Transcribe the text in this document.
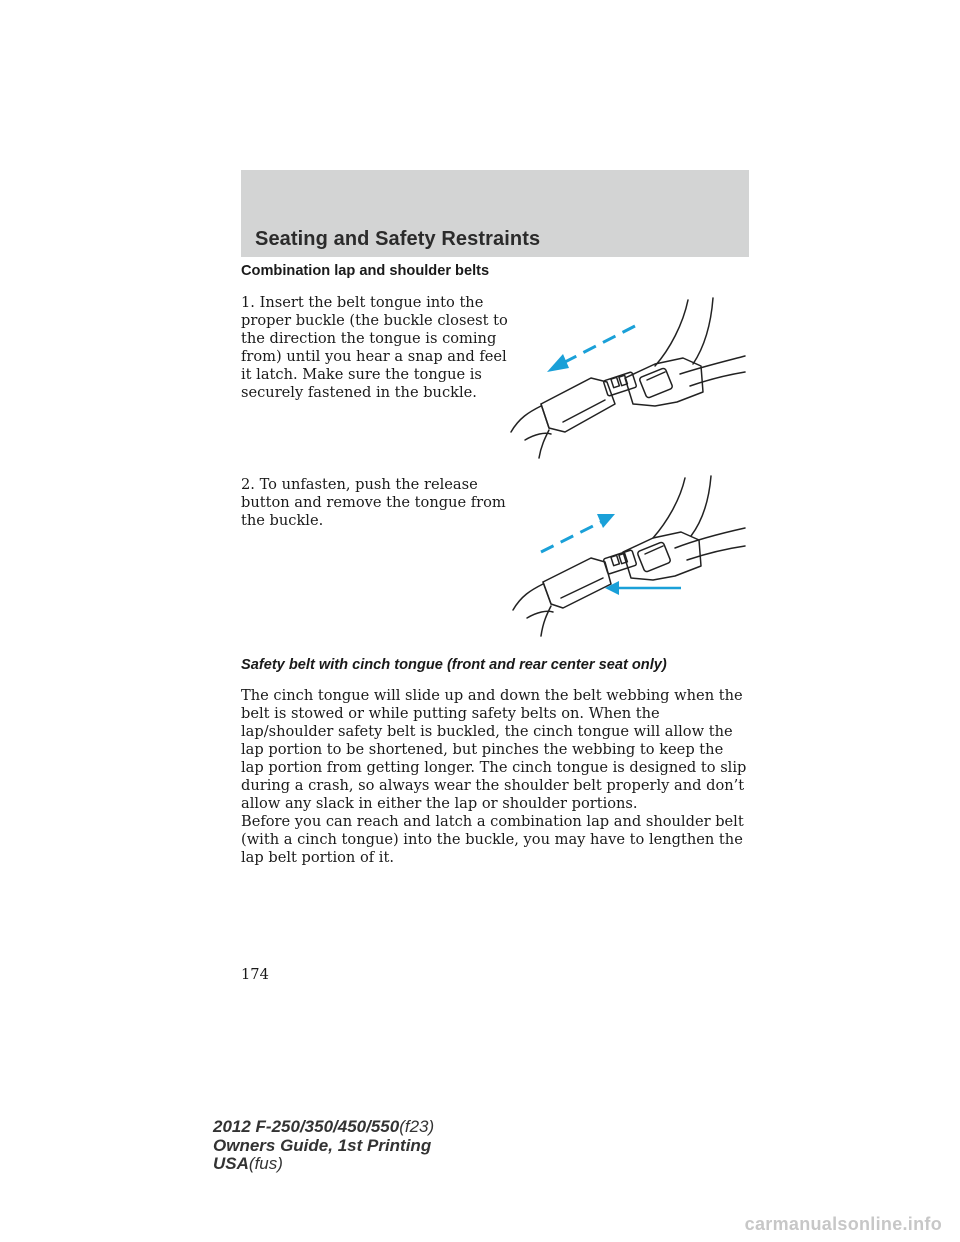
Seating and Safety Restraints
Combination lap and shoulder belts

1. Insert the belt tongue into the proper buckle (the buckle closest to the direction the tongue is coming from) until you hear a snap and feel it latch. Make sure the tongue is securely fastened in the buckle.

2. To unfasten, push the release button and remove the tongue from the buckle.

Safety belt with cinch tongue (front and rear center seat only)

The cinch tongue will slide up and down the belt webbing when the belt is stowed or while putting safety belts on. When the lap/shoulder safety belt is buckled, the cinch tongue will allow the lap portion to be shortened, but pinches the webbing to keep the lap portion from getting longer. The cinch tongue is designed to slip during a crash, so always wear the shoulder belt properly and don’t allow any slack in either the lap or shoulder portions.

Before you can reach and latch a combination lap and shoulder belt (with a cinch tongue) into the buckle, you may have to lengthen the lap belt portion of it.

174

2012 F-250/350/450/550(f23)
Owners Guide, 1st Printing
USA(fus)

carmanualsonline.info
